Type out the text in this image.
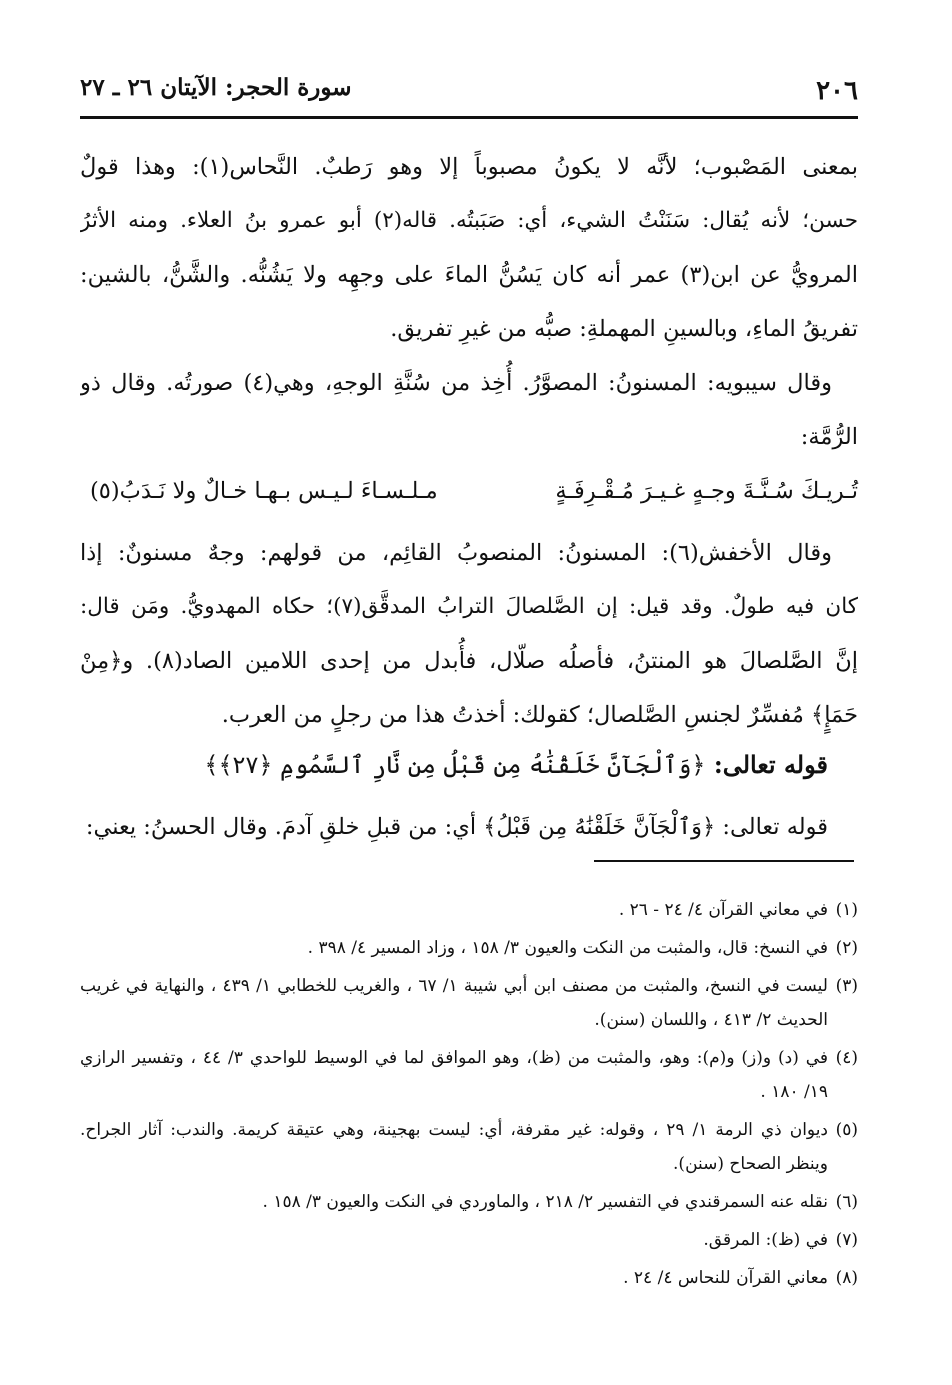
٢٠٦
سورة الحجر: الآيتان ٢٦ ـ ٢٧
بمعنى المَصْبوب؛ لأنَّه لا يكونُ مصبوباً إلا وهو رَطبٌ. النَّحاس(١): وهذا قولٌ
حسن؛ لأنه يُقال: سَنَنْتُ الشيء، أي: صَبَبتُه. قاله(٢) أبو عمرو بنُ العلاء. ومنه الأثرُ
المرويُّ عن ابن(٣) عمر أنه كان يَسُنُّ الماءَ على وجهِه ولا يَشُنُّه. والشَّنُّ، بالشين:
تفريقُ الماءِ، وبالسينِ المهملةِ: صبُّه من غيرِ تفريق.
وقال سيبويه: المسنونُ: المصوَّرُ. أُخِذ من سُنَّةِ الوجهِ، وهي(٤) صورتُه. وقال ذو
الرُّمَّة:
تُـريـكَ سُـنَّـةَ وجـهٍ غـيـرَ مُـقْـرِفَـةٍ
مـلـسـاءَ لـيـس بـهـا خـالٌ ولا نَـدَبُ(٥)
وقال الأخفش(٦): المسنونُ: المنصوبُ القائِم، من قولهم: وجهٌ مسنونٌ: إذا
كان فيه طولٌ. وقد قيل: إن الصَّلصالَ الترابُ المدقَّق(٧)؛ حكاه المهدويُّ. ومَن قال:
إنَّ الصَّلصالَ هو المنتنُ، فأصلُه صلّال، فأُبدل من إحدى اللامين الصاد(٨). و﴿مِنْ
حَمَإٍ﴾ مُفسِّرٌ لجنسِ الصَّلصال؛ كقولك: أخذتُ هذا من رجلٍ من العرب.
قوله تعالى: ﴿وَٱلْجَآنَّ خَلَقْنَٰهُ مِن قَبْلُ مِن نَّارِ ٱلسَّمُومِ ﴿٢٧﴾﴾
قوله تعالى: ﴿وَٱلْجَآنَّ خَلَقْنَٰهُ مِن قَبْلُ﴾ أي: من قبلِ خلقِ آدمَ. وقال الحسنُ: يعني:
(١)
في معاني القرآن ٤/ ٢٤ - ٢٦ .
(٢)
في النسخ: قال، والمثبت من النكت والعيون ٣/ ١٥٨ ، وزاد المسير ٤/ ٣٩٨ .
(٣)
ليست في النسخ، والمثبت من مصنف ابن أبي شيبة ١/ ٦٧ ، والغريب للخطابي ١/ ٤٣٩ ، والنهاية في غريب الحديث ٢/ ٤١٣ ، واللسان (سنن).
(٤)
في (د) و(ز) و(م): وهو، والمثبت من (ظ)، وهو الموافق لما في الوسيط للواحدي ٣/ ٤٤ ، وتفسير الرازي ١٩/ ١٨٠ .
(٥)
ديوان ذي الرمة ١/ ٢٩ ، وقوله: غير مقرفة، أي: ليست بهجينة، وهي عتيقة كريمة. والندب: آثار الجراح. وينظر الصحاح (سنن).
(٦)
نقله عنه السمرقندي في التفسير ٢/ ٢١٨ ، والماوردي في النكت والعيون ٣/ ١٥٨ .
(٧)
في (ظ): المرقق.
(٨)
معاني القرآن للنحاس ٤/ ٢٤ .
